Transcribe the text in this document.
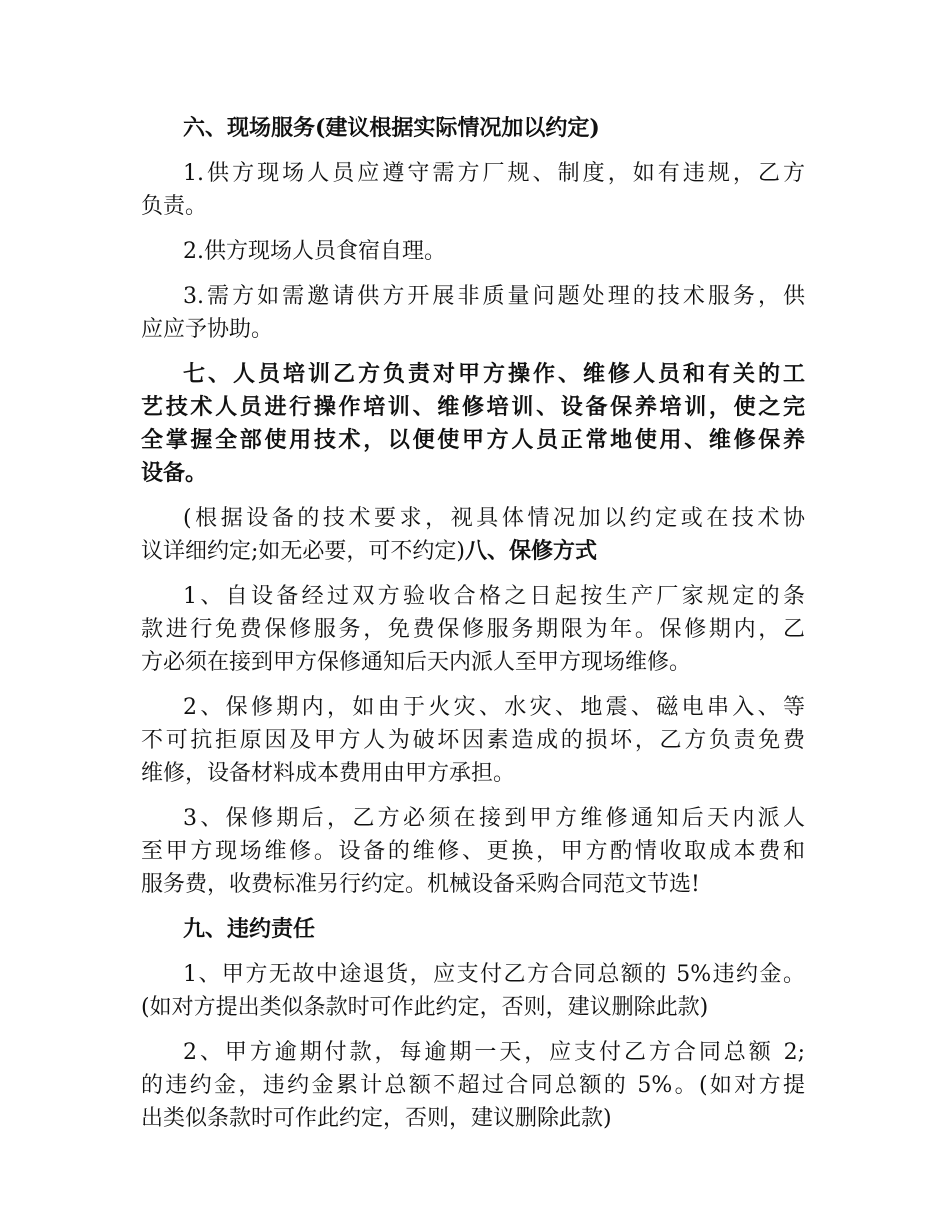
六、现场服务(建议根据实际情况加以约定)
1.供方现场人员应遵守需方厂规、制度，如有违规，乙方
负责。
2.供方现场人员食宿自理。
3.需方如需邀请供方开展非质量问题处理的技术服务，供
应应予协助。
七、人员培训乙方负责对甲方操作、维修人员和有关的工
艺技术人员进行操作培训、维修培训、设备保养培训，使之完
全掌握全部使用技术，以便使甲方人员正常地使用、维修保养
设备。
(根据设备的技术要求，视具体情况加以约定或在技术协
议详细约定;如无必要，可不约定)八、保修方式
1、自设备经过双方验收合格之日起按生产厂家规定的条
款进行免费保修服务，免费保修服务期限为年。保修期内，乙
方必须在接到甲方保修通知后天内派人至甲方现场维修。
2、保修期内，如由于火灾、水灾、地震、磁电串入、等
不可抗拒原因及甲方人为破坏因素造成的损坏，乙方负责免费
维修，设备材料成本费用由甲方承担。
3、保修期后，乙方必须在接到甲方维修通知后天内派人
至甲方现场维修。设备的维修、更换，甲方酌情收取成本费和
服务费，收费标准另行约定。机械设备采购合同范文节选!
九、违约责任
1、甲方无故中途退货，应支付乙方合同总额的 5%违约金。
(如对方提出类似条款时可作此约定，否则，建议删除此款)
2、甲方逾期付款，每逾期一天，应支付乙方合同总额 2;
的违约金，违约金累计总额不超过合同总额的 5%。(如对方提
出类似条款时可作此约定，否则，建议删除此款)
